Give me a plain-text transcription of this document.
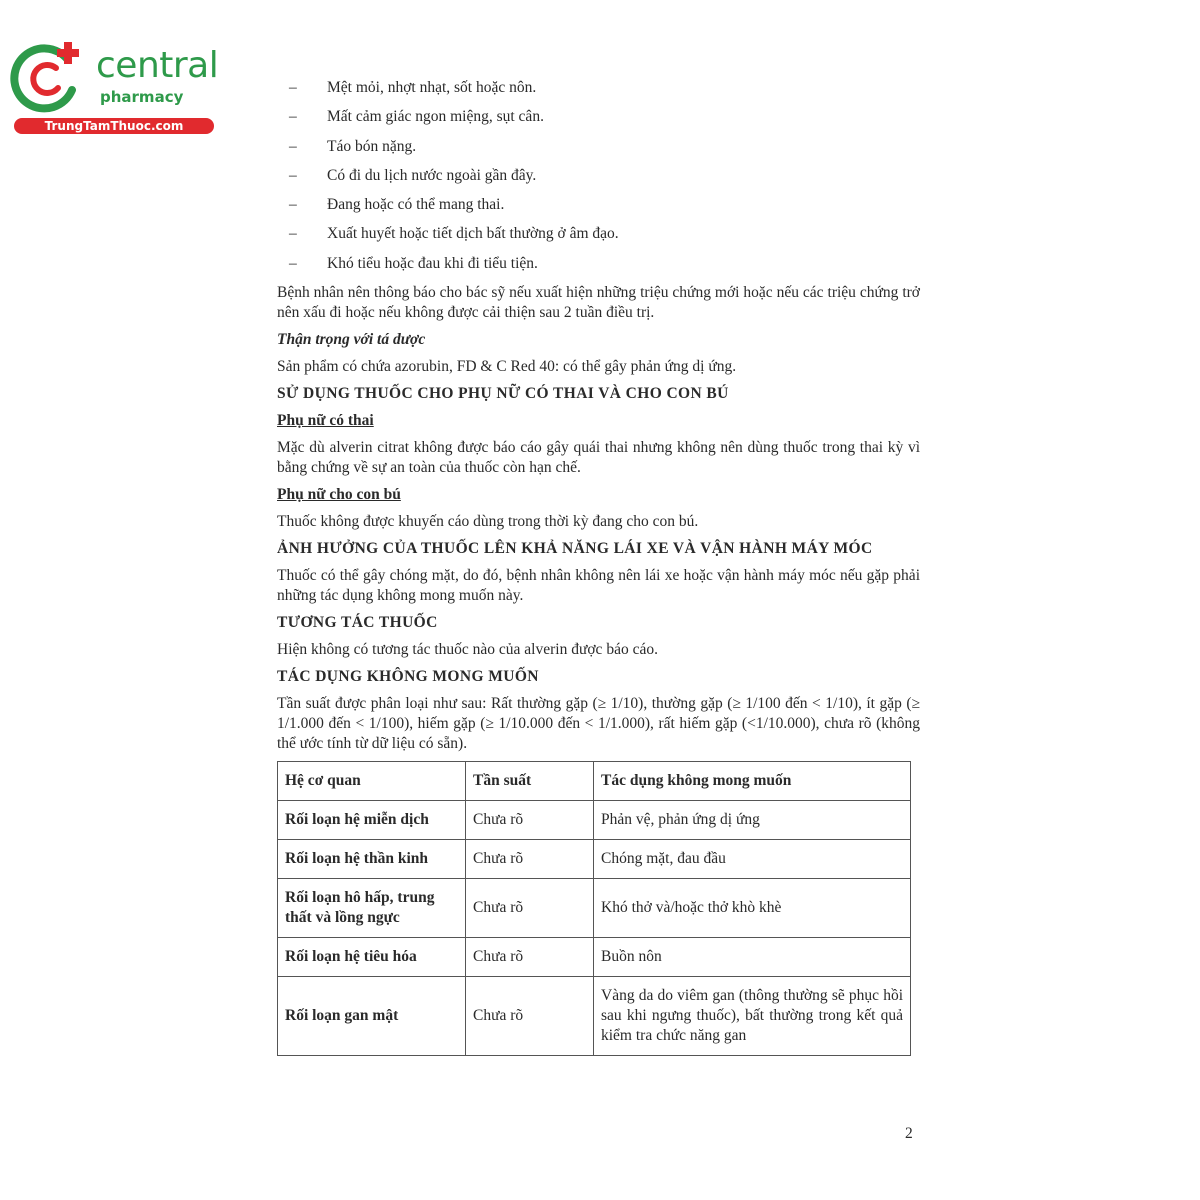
central
pharmacy
TrungTamThuoc.com
–	Mệt mỏi, nhợt nhạt, sốt hoặc nôn.
–	Mất cảm giác ngon miệng, sụt cân.
–	Táo bón nặng.
–	Có đi du lịch nước ngoài gần đây.
–	Đang hoặc có thể mang thai.
–	Xuất huyết hoặc tiết dịch bất thường ở âm đạo.
–	Khó tiểu hoặc đau khi đi tiểu tiện.

Bệnh nhân nên thông báo cho bác sỹ nếu xuất hiện những triệu chứng mới hoặc nếu các triệu chứng trở nên xấu đi hoặc nếu không được cải thiện sau 2 tuần điều trị.

Thận trọng với tá dược

Sản phẩm có chứa azorubin, FD & C Red 40: có thể gây phản ứng dị ứng.

SỬ DỤNG THUỐC CHO PHỤ NỮ CÓ THAI VÀ CHO CON BÚ
Phụ nữ có thai

Mặc dù alverin citrat không được báo cáo gây quái thai nhưng không nên dùng thuốc trong thai kỳ vì bằng chứng về sự an toàn của thuốc còn hạn chế.

Phụ nữ cho con bú

Thuốc không được khuyến cáo dùng trong thời kỳ đang cho con bú.

ẢNH HƯỞNG CỦA THUỐC LÊN KHẢ NĂNG LÁI XE VÀ VẬN HÀNH MÁY MÓC

Thuốc có thể gây chóng mặt, do đó, bệnh nhân không nên lái xe hoặc vận hành máy móc nếu gặp phải những tác dụng không mong muốn này.

TƯƠNG TÁC THUỐC

Hiện không có tương tác thuốc nào của alverin được báo cáo.

TÁC DỤNG KHÔNG MONG MUỐN

Tần suất được phân loại như sau: Rất thường gặp (≥ 1/10), thường gặp (≥ 1/100 đến < 1/10), ít gặp (≥ 1/1.000 đến < 1/100), hiếm gặp (≥ 1/10.000 đến < 1/1.000), rất hiếm gặp (<1/10.000), chưa rõ (không thể ước tính từ dữ liệu có sẵn).

Hệ cơ quan	Tần suất	Tác dụng không mong muốn
Rối loạn hệ miễn dịch	Chưa rõ	Phản vệ, phản ứng dị ứng
Rối loạn hệ thần kinh	Chưa rõ	Chóng mặt, đau đầu
Rối loạn hô hấp, trung thất và lồng ngực	Chưa rõ	Khó thở và/hoặc thở khò khè
Rối loạn hệ tiêu hóa	Chưa rõ	Buồn nôn
Rối loạn gan mật	Chưa rõ	Vàng da do viêm gan (thông thường sẽ phục hồi sau khi ngưng thuốc), bất thường trong kết quả kiểm tra chức năng gan
2
